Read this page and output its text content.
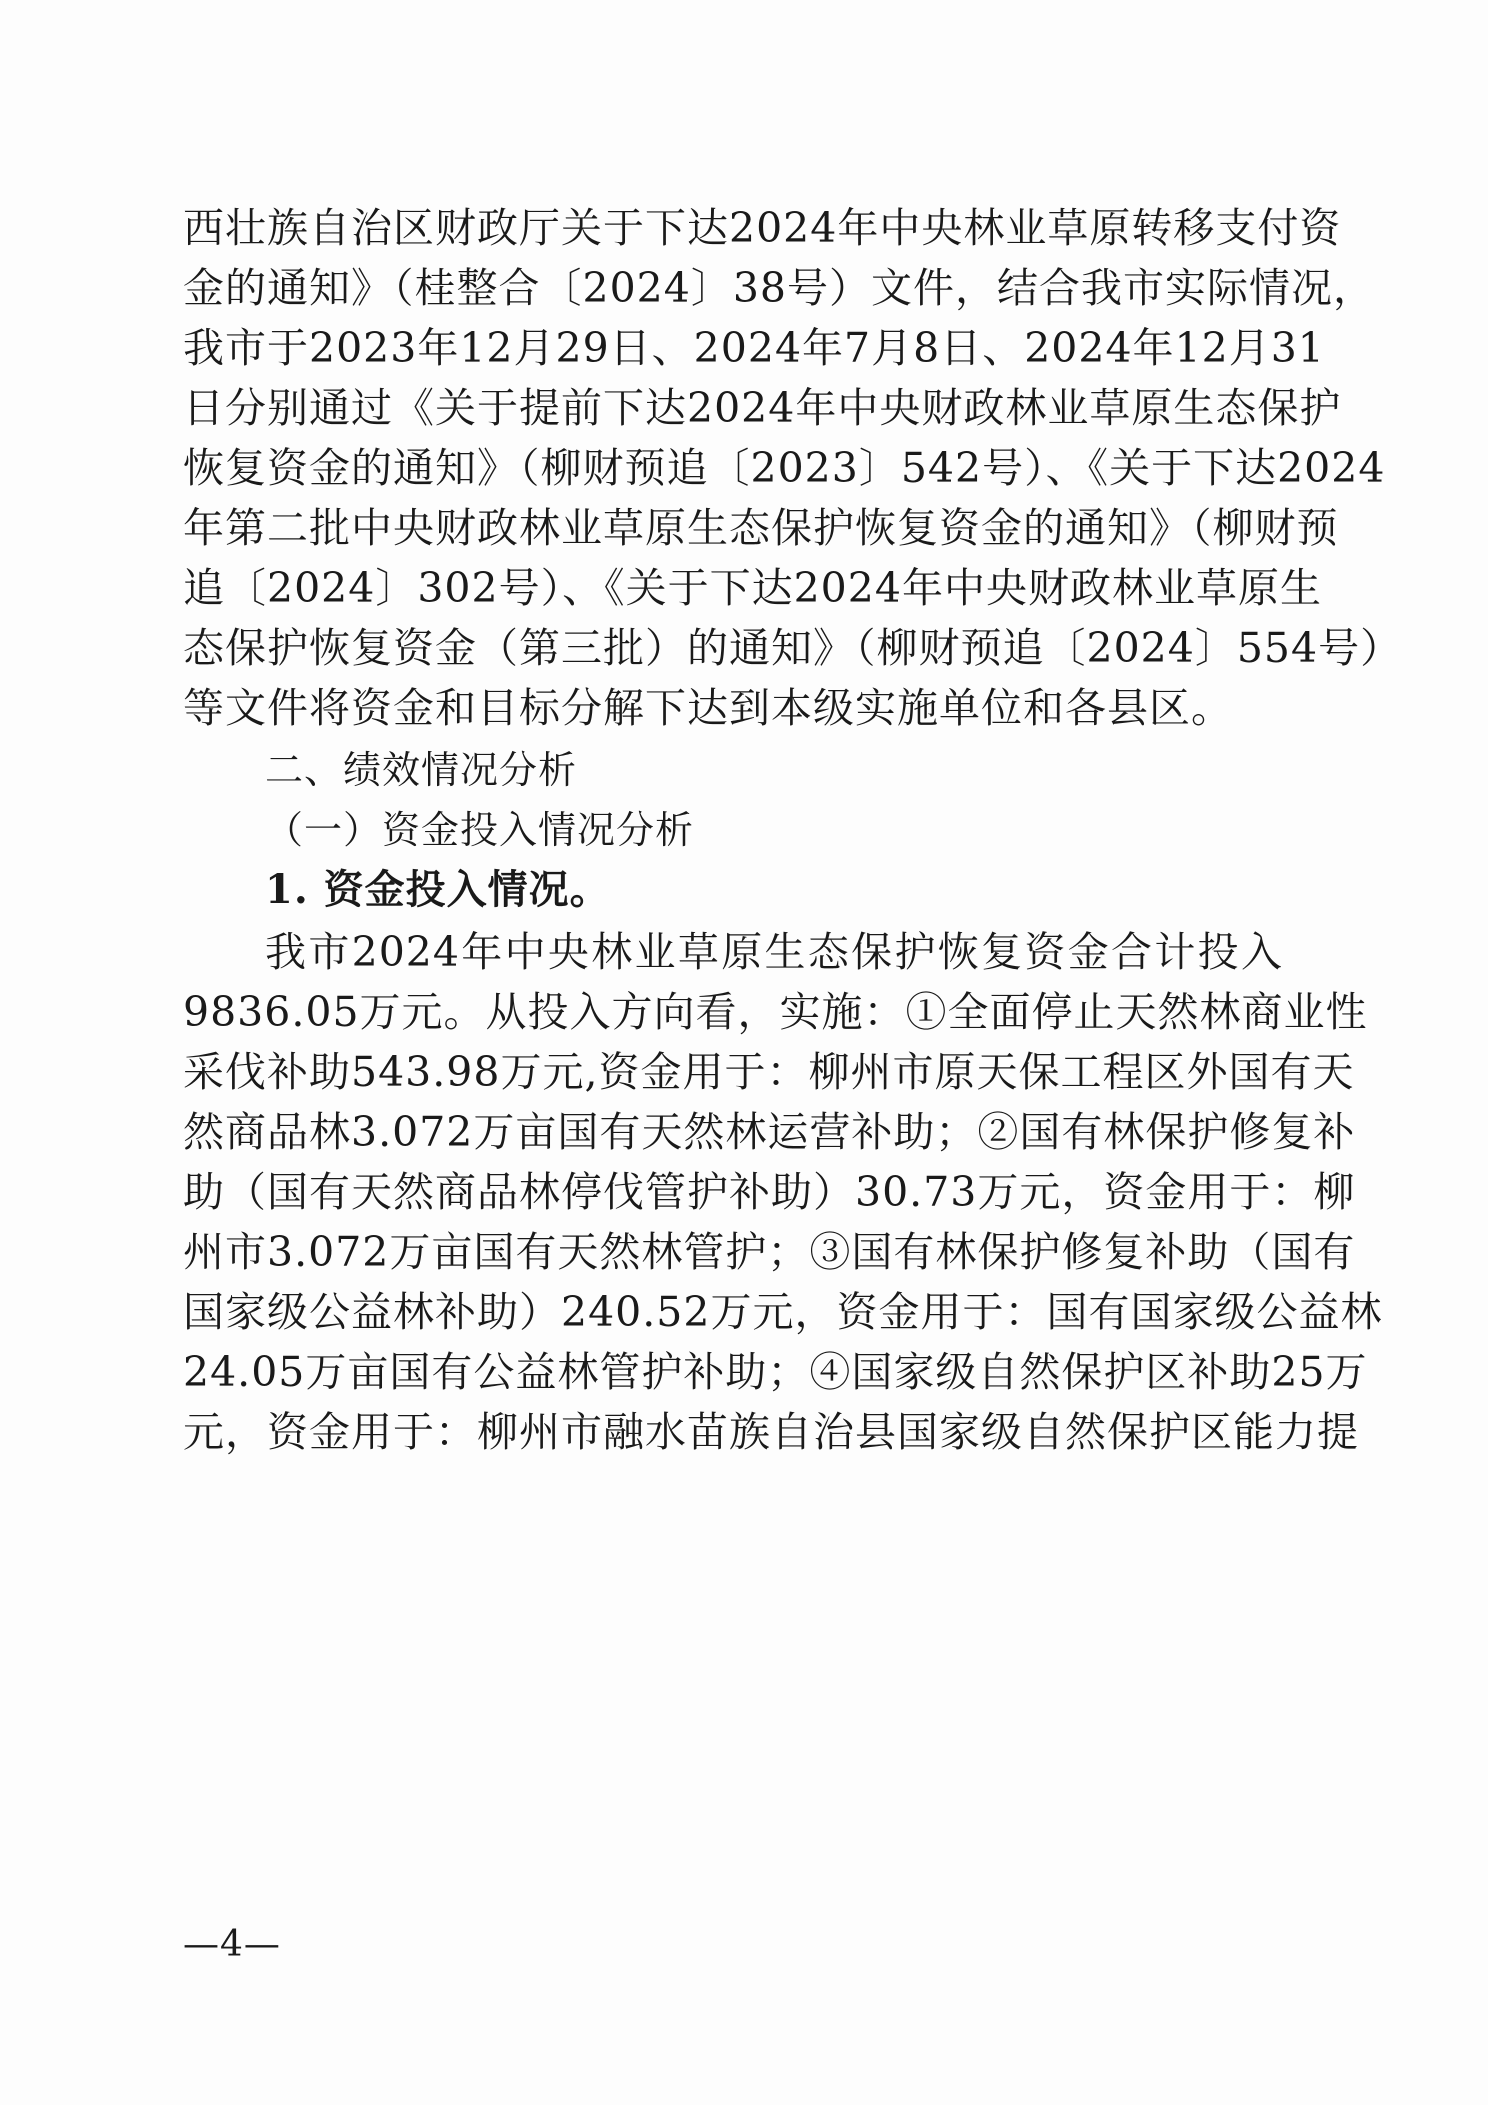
西壮族自治区财政厅关于下达2024年中央林业草原转移支付资
金的通知》（桂整合〔2024〕38号）文件，结合我市实际情况，
我市于2023年12月29日、2024年7月8日、2024年12月31
日分别通过《关于提前下达2024年中央财政林业草原生态保护
恢复资金的通知》（柳财预追〔2023〕542号）、《关于下达2024
年第二批中央财政林业草原生态保护恢复资金的通知》（柳财预
追〔2024〕302号）、《关于下达2024年中央财政林业草原生
态保护恢复资金（第三批）的通知》（柳财预追〔2024〕554号）
等文件将资金和目标分解下达到本级实施单位和各县区。
二、绩效情况分析
（一）资金投入情况分析
1. 资金投入情况。
我市2024年中央林业草原生态保护恢复资金合计投入
9836.05万元。从投入方向看，实施：①全面停止天然林商业性
采伐补助543.98万元,资金用于：柳州市原天保工程区外国有天
然商品林3.072万亩国有天然林运营补助；②国有林保护修复补
助（国有天然商品林停伐管护补助）30.73万元，资金用于：柳
州市3.072万亩国有天然林管护；③国有林保护修复补助（国有
国家级公益林补助）240.52万元，资金用于：国有国家级公益林
24.05万亩国有公益林管护补助；④国家级自然保护区补助25万
元，资金用于：柳州市融水苗族自治县国家级自然保护区能力提
—4—
